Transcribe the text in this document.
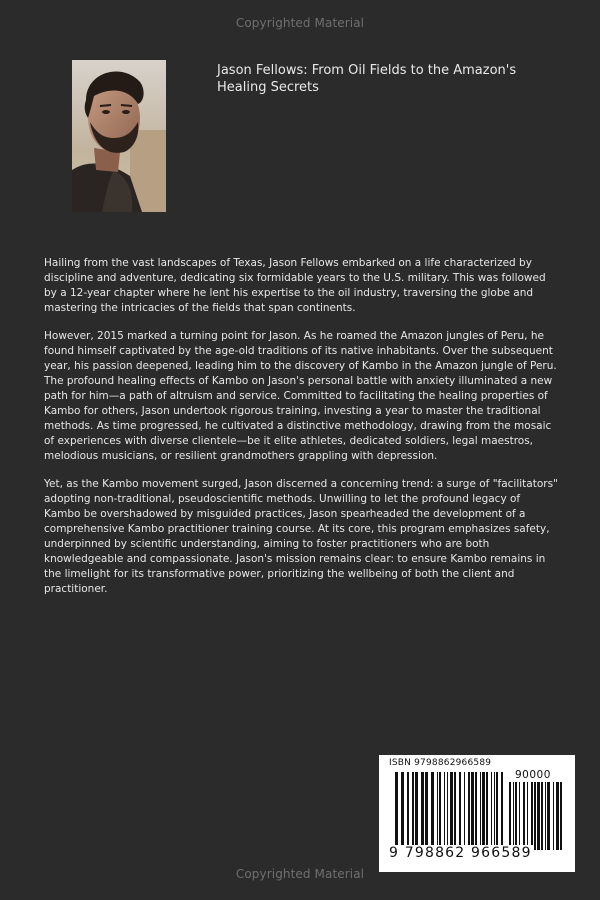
Copyrighted Material
Jason Fellows: From Oil Fields to the Amazon's Healing Secrets

Hailing from the vast landscapes of Texas, Jason Fellows embarked on a life characterized by discipline and adventure, dedicating six formidable years to the U.S. military. This was followed by a 12-year chapter where he lent his expertise to the oil industry, traversing the globe and mastering the intricacies of the fields that span continents.

However, 2015 marked a turning point for Jason. As he roamed the Amazon jungles of Peru, he found himself captivated by the age-old traditions of its native inhabitants. Over the subsequent year, his passion deepened, leading him to the discovery of Kambo in the Amazon jungle of Peru. The profound healing effects of Kambo on Jason's personal battle with anxiety illuminated a new path for him—a path of altruism and service. Committed to facilitating the healing properties of Kambo for others, Jason undertook rigorous training, investing a year to master the traditional methods. As time progressed, he cultivated a distinctive methodology, drawing from the mosaic of experiences with diverse clientele—be it elite athletes, dedicated soldiers, legal maestros, melodious musicians, or resilient grandmothers grappling with depression.

Yet, as the Kambo movement surged, Jason discerned a concerning trend: a surge of "facilitators" adopting non-traditional, pseudoscientific methods. Unwilling to let the profound legacy of Kambo be overshadowed by misguided practices, Jason spearheaded the development of a comprehensive Kambo practitioner training course. At its core, this program emphasizes safety, underpinned by scientific understanding, aiming to foster practitioners who are both knowledgeable and compassionate. Jason's mission remains clear: to ensure Kambo remains in the limelight for its transformative power, prioritizing the wellbeing of both the client and practitioner.

ISBN 9798862966589
90000
9 798862 966589
Copyrighted Material
